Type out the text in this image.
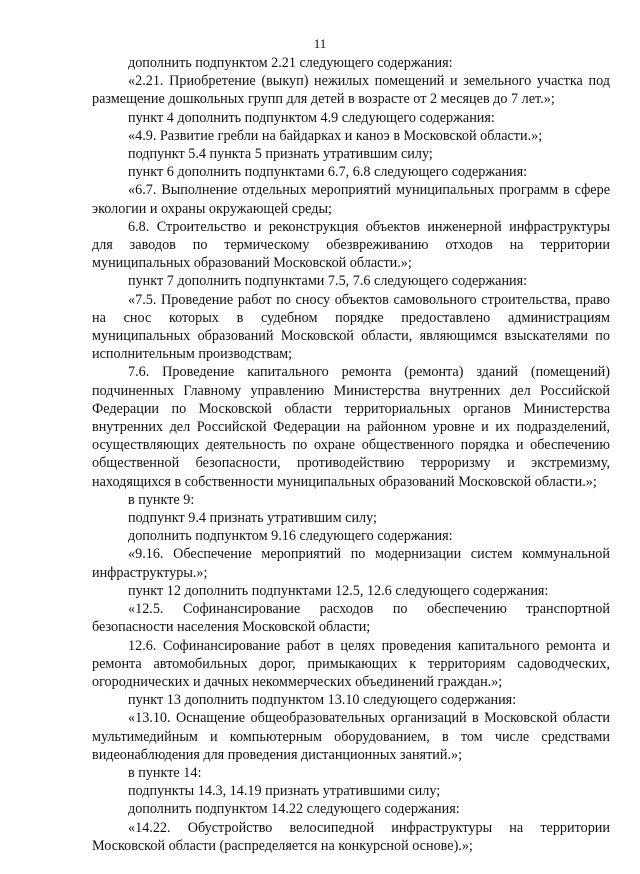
11

дополнить подпунктом 2.21 следующего содержания:

«2.21. Приобретение (выкуп) нежилых помещений и земельного участка под размещение дошкольных групп для детей в возрасте от 2 месяцев до 7 лет.»;

пункт 4 дополнить подпунктом 4.9 следующего содержания:

«4.9. Развитие гребли на байдарках и каноэ в Московской области.»;

подпункт 5.4 пункта 5 признать утратившим силу;

пункт 6 дополнить подпунктами 6.7, 6.8 следующего содержания:

«6.7. Выполнение отдельных мероприятий муниципальных программ в сфере экологии и охраны окружающей среды;

6.8. Строительство и реконструкция объектов инженерной инфраструктуры для заводов по термическому обезвреживанию отходов на территории муниципальных образований Московской области.»;

пункт 7 дополнить подпунктами 7.5, 7.6 следующего содержания:

«7.5. Проведение работ по сносу объектов самовольного строительства, право на снос которых в судебном порядке предоставлено администрациям муниципальных образований Московской области, являющимся взыскателями по исполнительным производствам;

7.6. Проведение капитального ремонта (ремонта) зданий (помещений) подчиненных Главному управлению Министерства внутренних дел Российской Федерации по Московской области территориальных органов Министерства внутренних дел Российской Федерации на районном уровне и их подразделений, осуществляющих деятельность по охране общественного порядка и обеспечению общественной безопасности, противодействию терроризму и экстремизму, находящихся в собственности муниципальных образований Московской области.»;

в пункте 9:

подпункт 9.4 признать утратившим силу;

дополнить подпунктом 9.16 следующего содержания:

«9.16. Обеспечение мероприятий по модернизации систем коммунальной инфраструктуры.»;

пункт 12 дополнить подпунктами 12.5, 12.6 следующего содержания:

«12.5. Софинансирование расходов по обеспечению транспортной безопасности населения Московской области;

12.6. Софинансирование работ в целях проведения капитального ремонта и ремонта автомобильных дорог, примыкающих к территориям садоводческих, огороднических и дачных некоммерческих объединений граждан.»;

пункт 13 дополнить подпунктом 13.10 следующего содержания:

«13.10. Оснащение общеобразовательных организаций в Московской области мультимедийным и компьютерным оборудованием, в том числе средствами видеонаблюдения для проведения дистанционных занятий.»;

в пункте 14:

подпункты 14.3, 14.19 признать утратившими силу;

дополнить подпунктом 14.22 следующего содержания:

«14.22. Обустройство велосипедной инфраструктуры на территории Московской области (распределяется на конкурсной основе).»;
